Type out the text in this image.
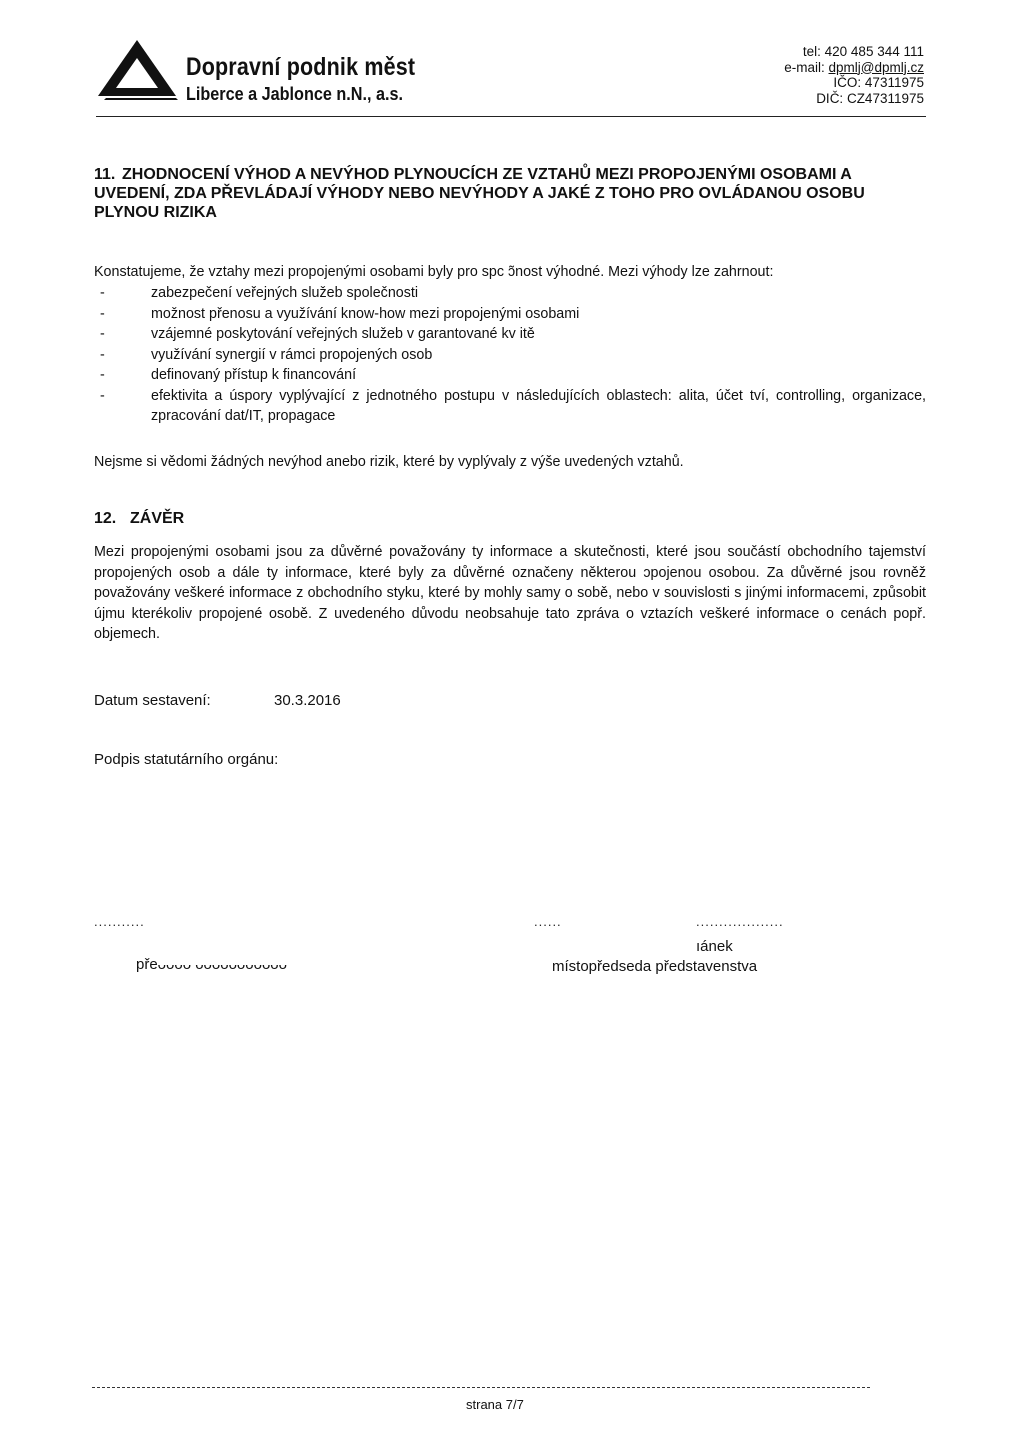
Dopravní podnik měst
Liberce a Jablonce n.N., a.s.
tel: 420 485 344 111
e-mail: dpmlj@dpmlj.cz
IČO: 47311975
DIČ: CZ47311975
11. ZHODNOCENÍ VÝHOD A NEVÝHOD PLYNOUCÍCH ZE VZTAHŮ MEZI PROPOJENÝMI OSOBAMI A UVEDENÍ, ZDA PŘEVLÁDAJÍ VÝHODY NEBO NEVÝHODY A JAKÉ Z TOHO PRO OVLÁDANOU OSOBU PLYNOU RIZIKA
Konstatujeme, že vztahy mezi propojenými osobami byly pro spc ɔ̃nost výhodné. Mezi výhody lze zahrnout:
- zabezpečení veřejných služeb společnosti
- možnost přenosu a využívání know-how mezi propojenými osobami
- vzájemné poskytování veřejných služeb v garantované kv itě
- využívání synergií v rámci propojených osob
- definovaný přístup k financování
- efektivita a úspory vyplývající z jednotného postupu v následujících oblastech: alita, účet tví, controlling, organizace, zpracování dat/IT, propagace
Nejsme si vědomi žádných nevýhod anebo rizik, které by vyplývaly z výše uvedených vztahů.
12. ZÁVĚR
Mezi propojenými osobami jsou za důvěrné považovány ty informace a skutečnosti, které jsou součástí obchodního tajemství propojených osob a dále ty informace, které byly za důvěrné označeny některou ɔpojenou osobou. Za důvěrné jsou rovněž považovány veškeré informace z obchodního styku, které by mohly samy o sobě, nebo v souvislosti s jinými informacemi, způsobit újmu kterékoliv propojené osobě. Z uvedeného důvodu neobsahuje tato zpráva o vztazích veškeré informace o cenách popř. objemech.
Datum sestavení:	30.3.2016
Podpis statutárního orgánu:
...........	......	...................
přeᴗᴗᴗᴗ ᴗᴗᴗᴗᴗᴗᴗᴗᴗᴗᴗ
ıánek
místopředseda představenstva
strana 7/7
